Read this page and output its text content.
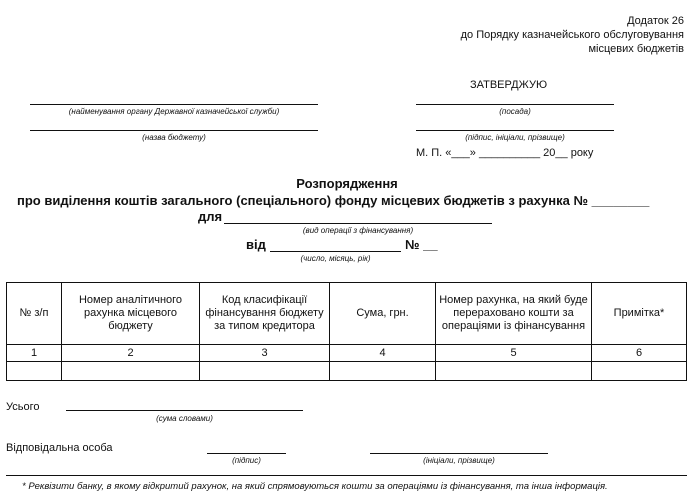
Додаток 26
до Порядку казначейського обслуговування
місцевих бюджетів
ЗАТВЕРДЖУЮ
(посада)
(підпис, ініціали, прізвище)
М. П. «___» __________ 20__ року
(найменування органу Державної казначейської служби)
(назва бюджету)
Розпорядження
про виділення коштів загального (спеціального) фонду місцевих бюджетів з рахунка № ________
для
(вид операції з фінансування)
від	№ __
(число, місяць, рік)
№ з/п	Номер аналітичного рахунка місцевого бюджету	Код класифікації фінансування бюджету за типом кредитора	Сума, грн.	Номер рахунка, на який буде перераховано кошти за операціями із фінансування	Примітка*
1	2	3	4	5	6

Усього
(сума словами)
Відповідальна особа
(підпис)	(ініціали, прізвище)
* Реквізити банку, в якому відкритий рахунок, на який спрямовуються кошти за операціями із фінансування, та інша інформація.
